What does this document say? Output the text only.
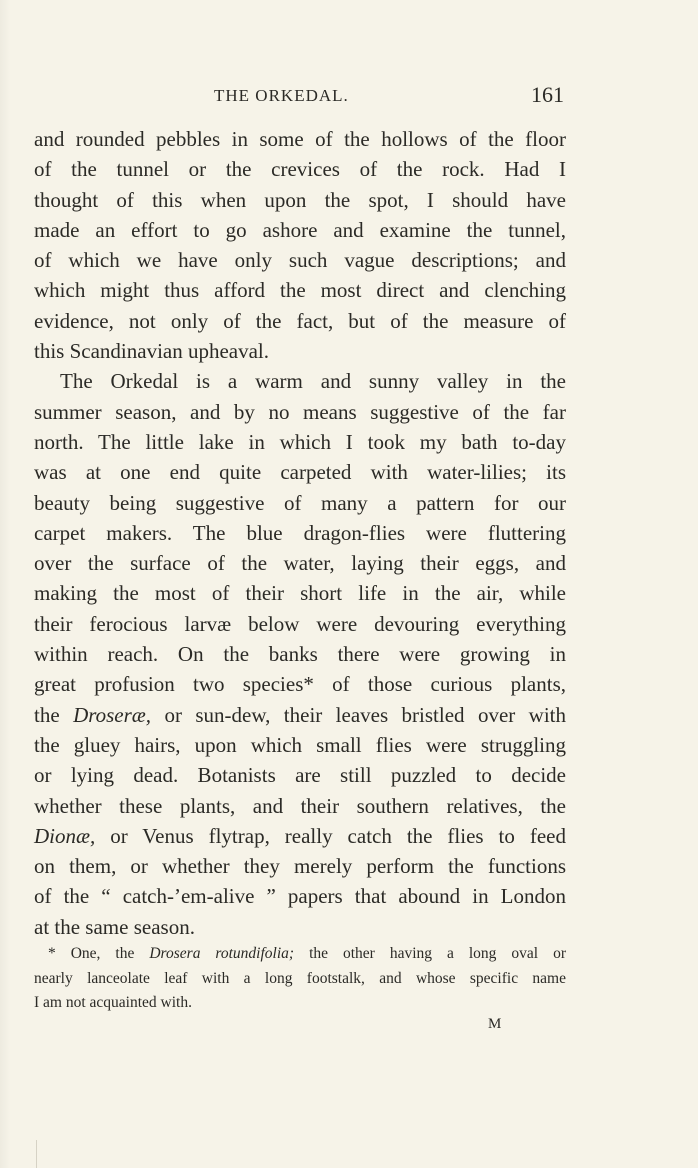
THE ORKEDAL.	161
and rounded pebbles in some of the hollows of the floor
of the tunnel or the crevices of the rock. Had I
thought of this when upon the spot, I should have
made an effort to go ashore and examine the tunnel,
of which we have only such vague descriptions; and
which might thus afford the most direct and clenching
evidence, not only of the fact, but of the measure of
this Scandinavian upheaval.
The Orkedal is a warm and sunny valley in the
summer season, and by no means suggestive of the far
north. The little lake in which I took my bath to-day
was at one end quite carpeted with water-lilies; its
beauty being suggestive of many a pattern for our
carpet makers. The blue dragon-flies were fluttering
over the surface of the water, laying their eggs, and
making the most of their short life in the air, while
their ferocious larvæ below were devouring everything
within reach. On the banks there were growing in
great profusion two species* of those curious plants,
the Droseræ, or sun-dew, their leaves bristled over with
the gluey hairs, upon which small flies were struggling
or lying dead. Botanists are still puzzled to decide
whether these plants, and their southern relatives, the
Dionæ, or Venus flytrap, really catch the flies to feed
on them, or whether they merely perform the functions
of the “ catch-’em-alive ” papers that abound in London
at the same season.
* One, the Drosera rotundifolia; the other having a long oval or
nearly lanceolate leaf with a long footstalk, and whose specific name
I am not acquainted with.
M
